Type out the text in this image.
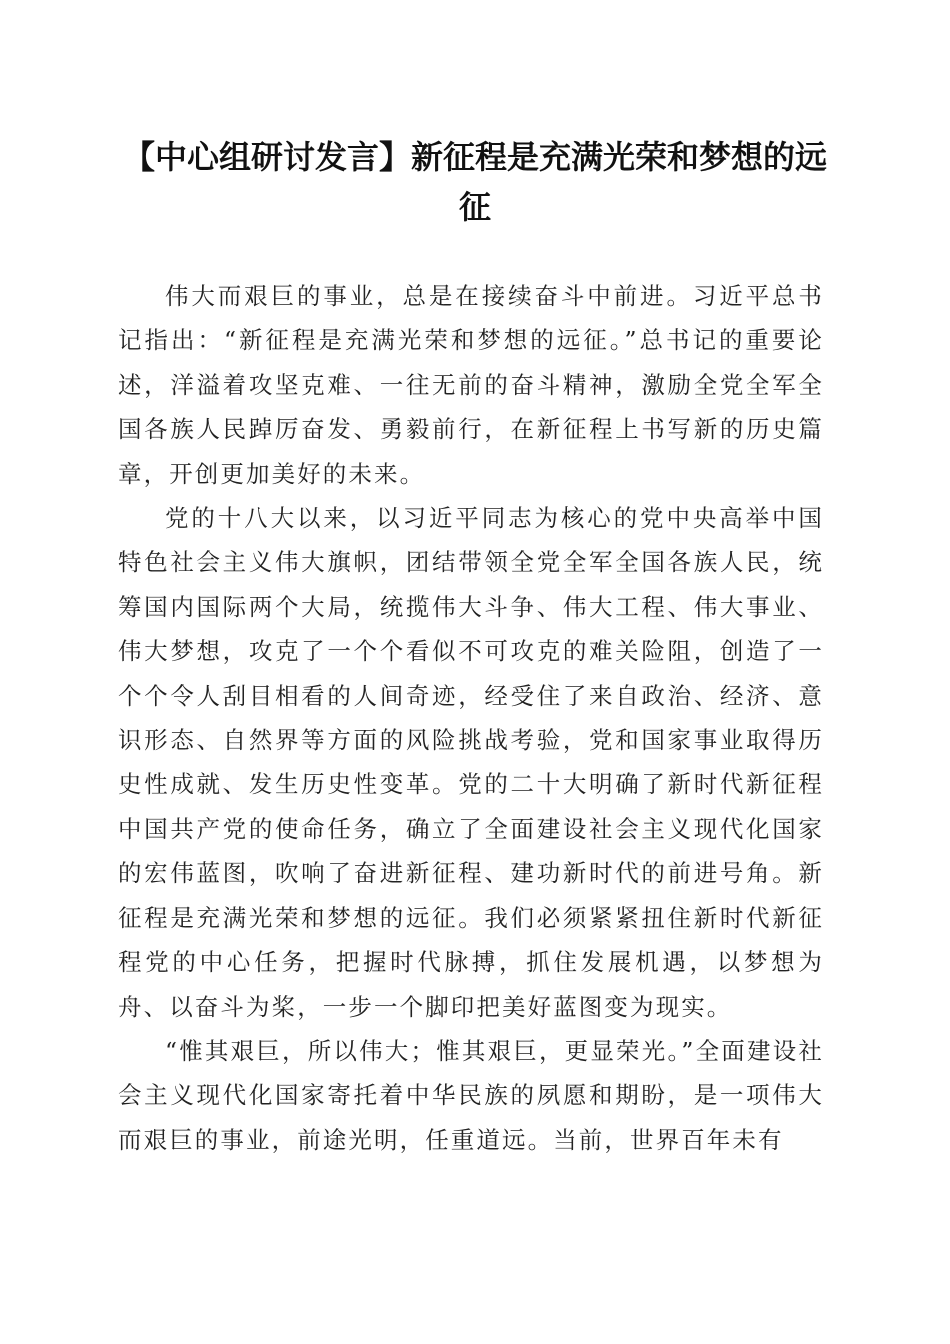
【中心组研讨发言】新征程是充满光荣和梦想的远征

伟大而艰巨的事业，总是在接续奋斗中前进。习近平总书记指出：“新征程是充满光荣和梦想的远征。”总书记的重要论述，洋溢着攻坚克难、一往无前的奋斗精神，激励全党全军全国各族人民踔厉奋发、勇毅前行，在新征程上书写新的历史篇章，开创更加美好的未来。

党的十八大以来，以习近平同志为核心的党中央高举中国特色社会主义伟大旗帜，团结带领全党全军全国各族人民，统筹国内国际两个大局，统揽伟大斗争、伟大工程、伟大事业、伟大梦想，攻克了一个个看似不可攻克的难关险阻，创造了一个个令人刮目相看的人间奇迹，经受住了来自政治、经济、意识形态、自然界等方面的风险挑战考验，党和国家事业取得历史性成就、发生历史性变革。党的二十大明确了新时代新征程中国共产党的使命任务，确立了全面建设社会主义现代化国家的宏伟蓝图，吹响了奋进新征程、建功新时代的前进号角。新征程是充满光荣和梦想的远征。我们必须紧紧扭住新时代新征程党的中心任务，把握时代脉搏，抓住发展机遇，以梦想为舟、以奋斗为桨，一步一个脚印把美好蓝图变为现实。

“惟其艰巨，所以伟大；惟其艰巨，更显荣光。”全面建设社会主义现代化国家寄托着中华民族的夙愿和期盼，是一项伟大而艰巨的事业，前途光明，任重道远。当前，世界百年未有
